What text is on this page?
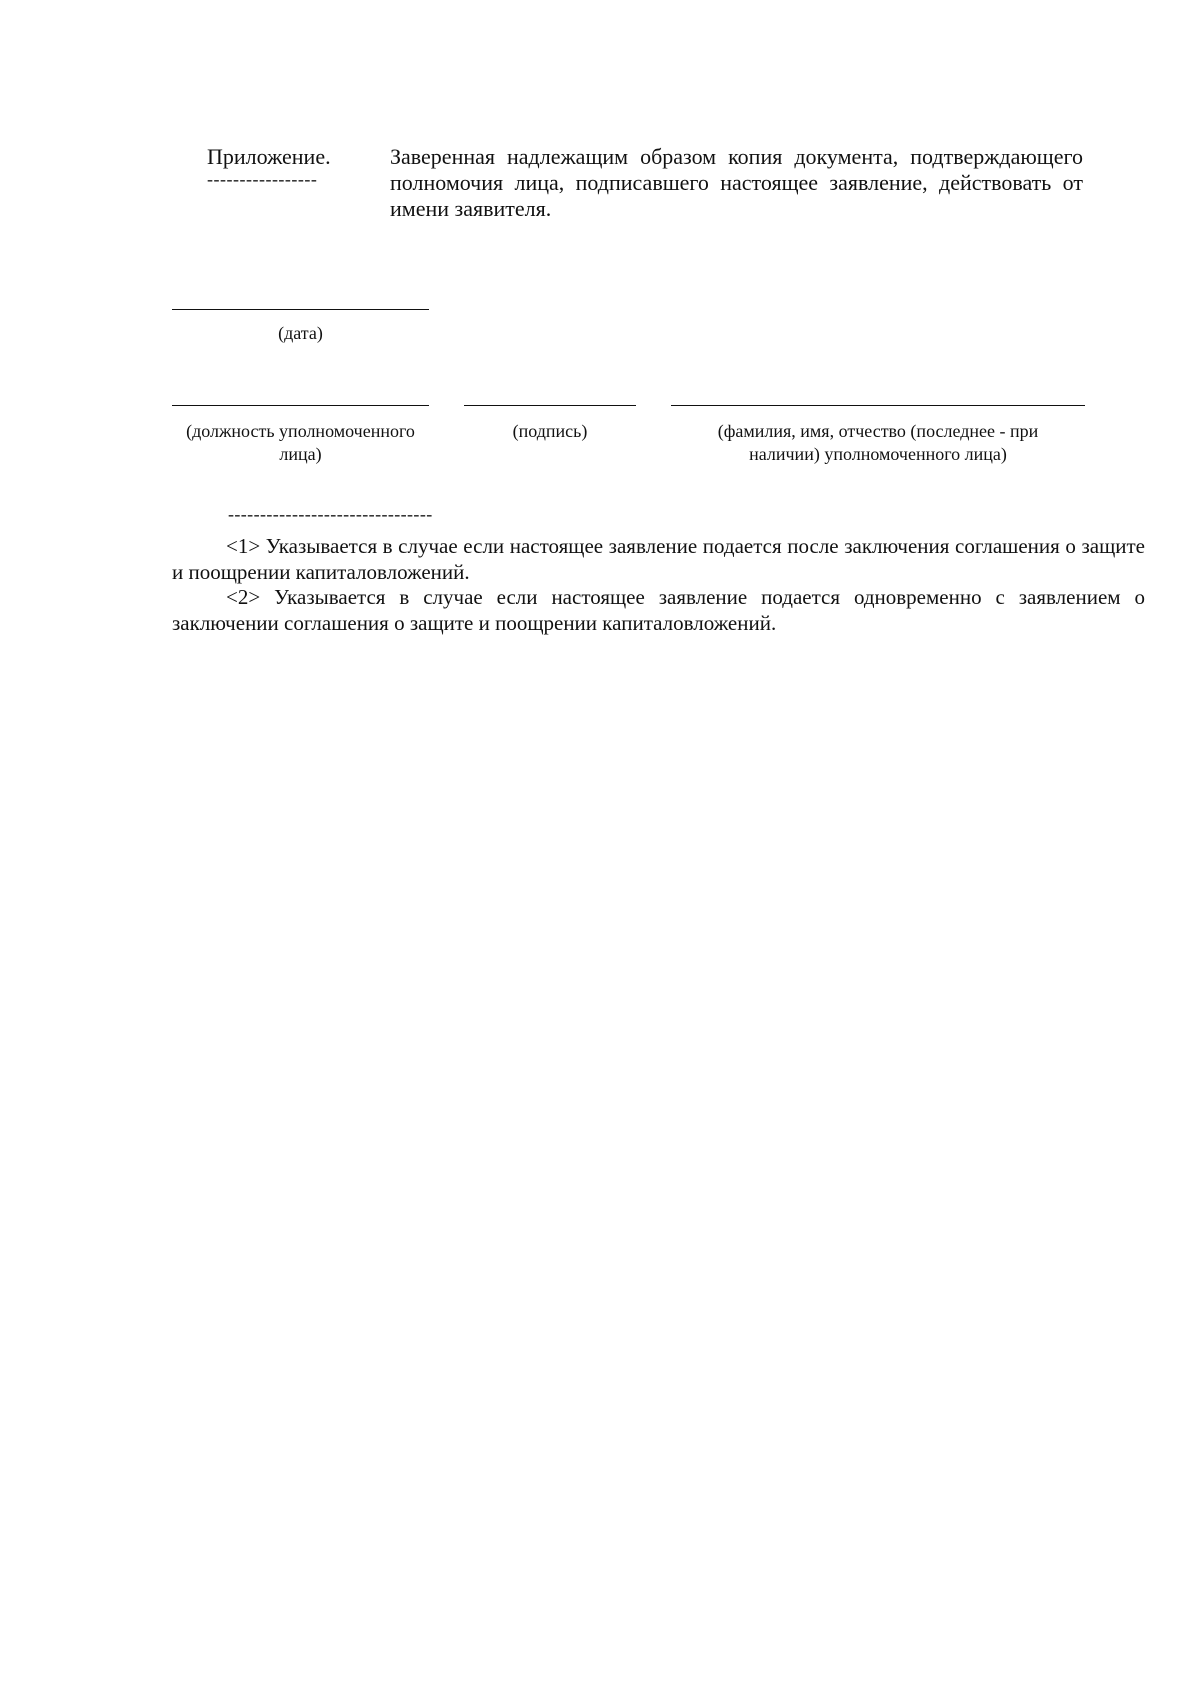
Приложение.
-----------------
Заверенная надлежащим образом копия документа, подтверждающего полномочия лица, подписавшего настоящее заявление, действовать от имени заявителя.
(дата)
(должность уполномоченного лица)
(подпись)	(фамилия, имя, отчество (последнее - при наличии) уполномоченного лица)
--------------------------------
<1> Указывается в случае если настоящее заявление подается после заключения соглашения о защите и поощрении капиталовложений.
<2> Указывается в случае если настоящее заявление подается одновременно с заявлением о заключении соглашения о защите и поощрении капиталовложений.
